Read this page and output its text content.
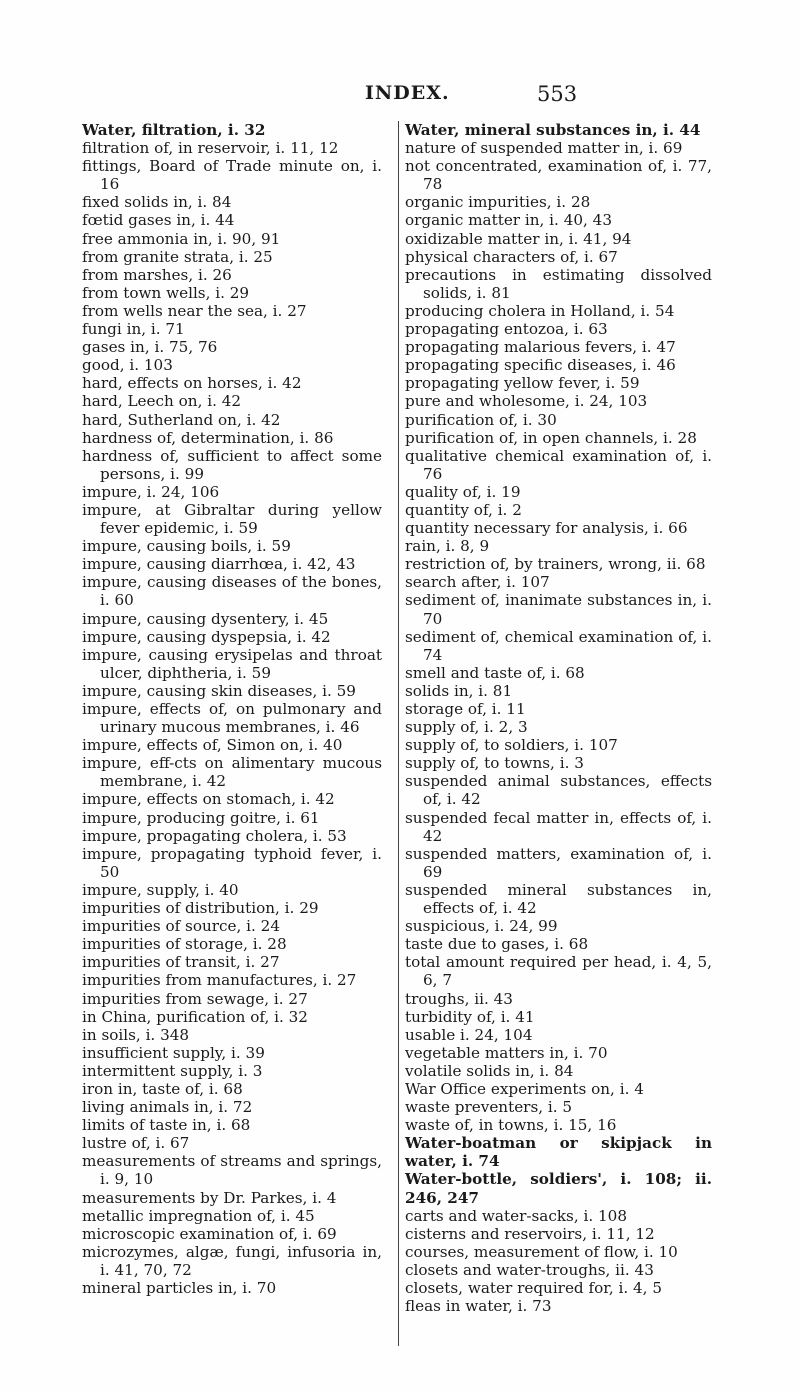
INDEX.	553

Water, filtration, i. 32

filtration of, in reservoir, i. 11, 12

fittings, Board of Trade minute on, i. 16

fixed solids in, i. 84

fœtid gases in, i. 44

free ammonia in, i. 90, 91

from granite strata, i. 25

from marshes, i. 26

from town wells, i. 29

from wells near the sea, i. 27

fungi in, i. 71

gases in, i. 75, 76

good, i. 103

hard, effects on horses, i. 42

hard, Leech on, i. 42

hard, Sutherland on, i. 42

hardness of, determination, i. 86

hardness of, sufficient to affect some persons, i. 99

impure, i. 24, 106

impure, at Gibraltar during yellow fever epidemic, i. 59

impure, causing boils, i. 59

impure, causing diarrhœa, i. 42, 43

impure, causing diseases of the bones, i. 60

impure, causing dysentery, i. 45

impure, causing dyspepsia, i. 42

impure, causing erysipelas and throat ulcer, diphtheria, i. 59

impure, causing skin diseases, i. 59

impure, effects of, on pulmonary and urinary mucous membranes, i. 46

impure, effects of, Simon on, i. 40

impure, eff-cts on alimentary mucous membrane, i. 42

impure, effects on stomach, i. 42

impure, producing goitre, i. 61

impure, propagating cholera, i. 53

impure, propagating typhoid fever, i. 50

impure, supply, i. 40

impurities of distribution, i. 29

impurities of source, i. 24

impurities of storage, i. 28

impurities of transit, i. 27

impurities from manufactures, i. 27

impurities from sewage, i. 27

in China, purification of, i. 32

in soils, i. 348

insufficient supply, i. 39

intermittent supply, i. 3

iron in, taste of, i. 68

living animals in, i. 72

limits of taste in, i. 68

lustre of, i. 67

measurements of streams and springs, i. 9, 10

measurements by Dr. Parkes, i. 4

metallic impregnation of, i. 45

microscopic examination of, i. 69

microzymes, algæ, fungi, infusoria in, i. 41, 70, 72

mineral particles in, i. 70

Water, mineral substances in, i. 44

nature of suspended matter in, i. 69

not concentrated, examination of, i. 77, 78

organic impurities, i. 28

organic matter in, i. 40, 43

oxidizable matter in, i. 41, 94

physical characters of, i. 67

precautions in estimating dissolved solids, i. 81

producing cholera in Holland, i. 54

propagating entozoa, i. 63

propagating malarious fevers, i. 47

propagating specific diseases, i. 46

propagating yellow fever, i. 59

pure and wholesome, i. 24, 103

purification of, i. 30

purification of, in open channels, i. 28

qualitative chemical examination of, i. 76

quality of, i. 19

quantity of, i. 2

quantity necessary for analysis, i. 66

rain, i. 8, 9

restriction of, by trainers, wrong, ii. 68

search after, i. 107

sediment of, inanimate substances in, i. 70

sediment of, chemical examination of, i. 74

smell and taste of, i. 68

solids in, i. 81

storage of, i. 11

supply of, i. 2, 3

supply of, to soldiers, i. 107

supply of, to towns, i. 3

suspended animal substances, effects of, i. 42

suspended fecal matter in, effects of, i. 42

suspended matters, examination of, i. 69

suspended mineral substances in, effects of, i. 42

suspicious, i. 24, 99

taste due to gases, i. 68

total amount required per head, i. 4, 5, 6, 7

troughs, ii. 43

turbidity of, i. 41

usable i. 24, 104

vegetable matters in, i. 70

volatile solids in, i. 84

War Office experiments on, i. 4

waste preventers, i. 5

waste of, in towns, i. 15, 16

Water-boatman or skipjack in water, i. 74

Water-bottle, soldiers', i. 108; ii. 246, 247

carts and water-sacks, i. 108

cisterns and reservoirs, i. 11, 12

courses, measurement of flow, i. 10

closets and water-troughs, ii. 43

closets, water required for, i. 4, 5

fleas in water, i. 73
